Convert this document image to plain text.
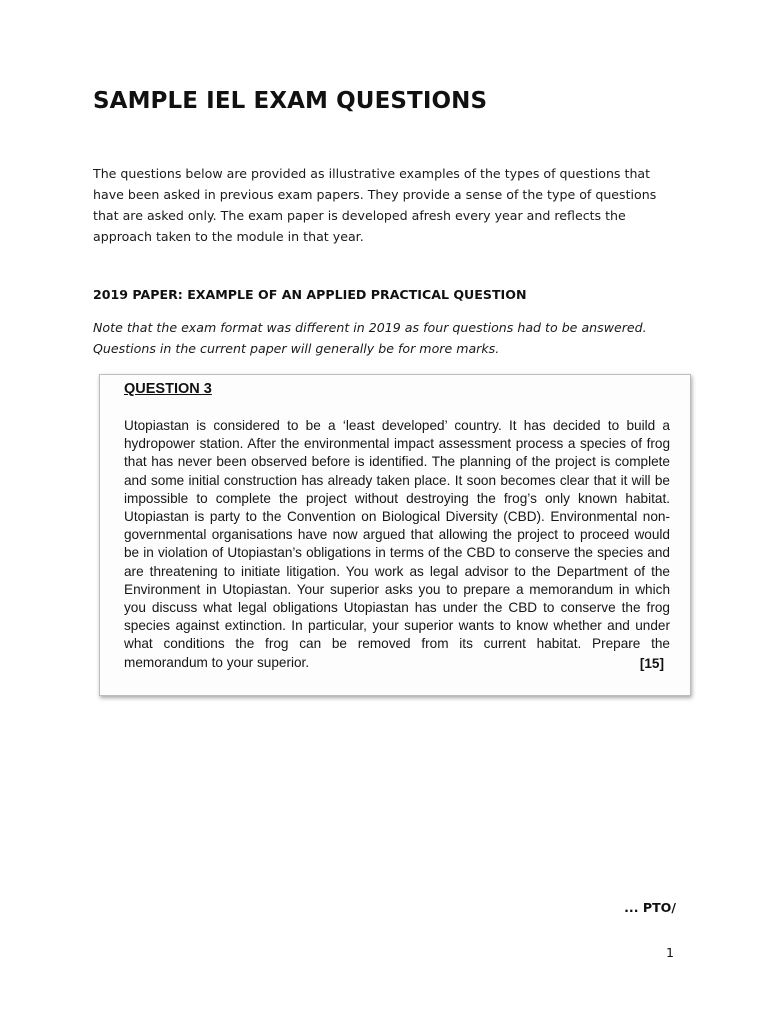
SAMPLE IEL EXAM QUESTIONS

The questions below are provided as illustrative examples of the types of questions that have been asked in previous exam papers. They provide a sense of the type of questions that are asked only. The exam paper is developed afresh every year and reflects the approach taken to the module in that year.

2019 PAPER: EXAMPLE OF AN APPLIED PRACTICAL QUESTION

Note that the exam format was different in 2019 as four questions had to be answered. Questions in the current paper will generally be for more marks.

QUESTION 3

Utopiastan is considered to be a ‘least developed’ country. It has decided to build a hydropower station. After the environmental impact assessment process a species of frog that has never been observed before is identified. The planning of the project is complete and some initial construction has already taken place. It soon becomes clear that it will be impossible to complete the project without destroying the frog’s only known habitat. Utopiastan is party to the Convention on Biological Diversity (CBD). Environmental non-governmental organisations have now argued that allowing the project to proceed would be in violation of Utopiastan’s obligations in terms of the CBD to conserve the species and are threatening to initiate litigation. You work as legal advisor to the Department of the Environment in Utopiastan. Your superior asks you to prepare a memorandum in which you discuss what legal obligations Utopiastan has under the CBD to conserve the frog species against extinction. In particular, your superior wants to know whether and under what conditions the frog can be removed from its current habitat. Prepare the memorandum to your superior.	[15]

... PTO/

1
